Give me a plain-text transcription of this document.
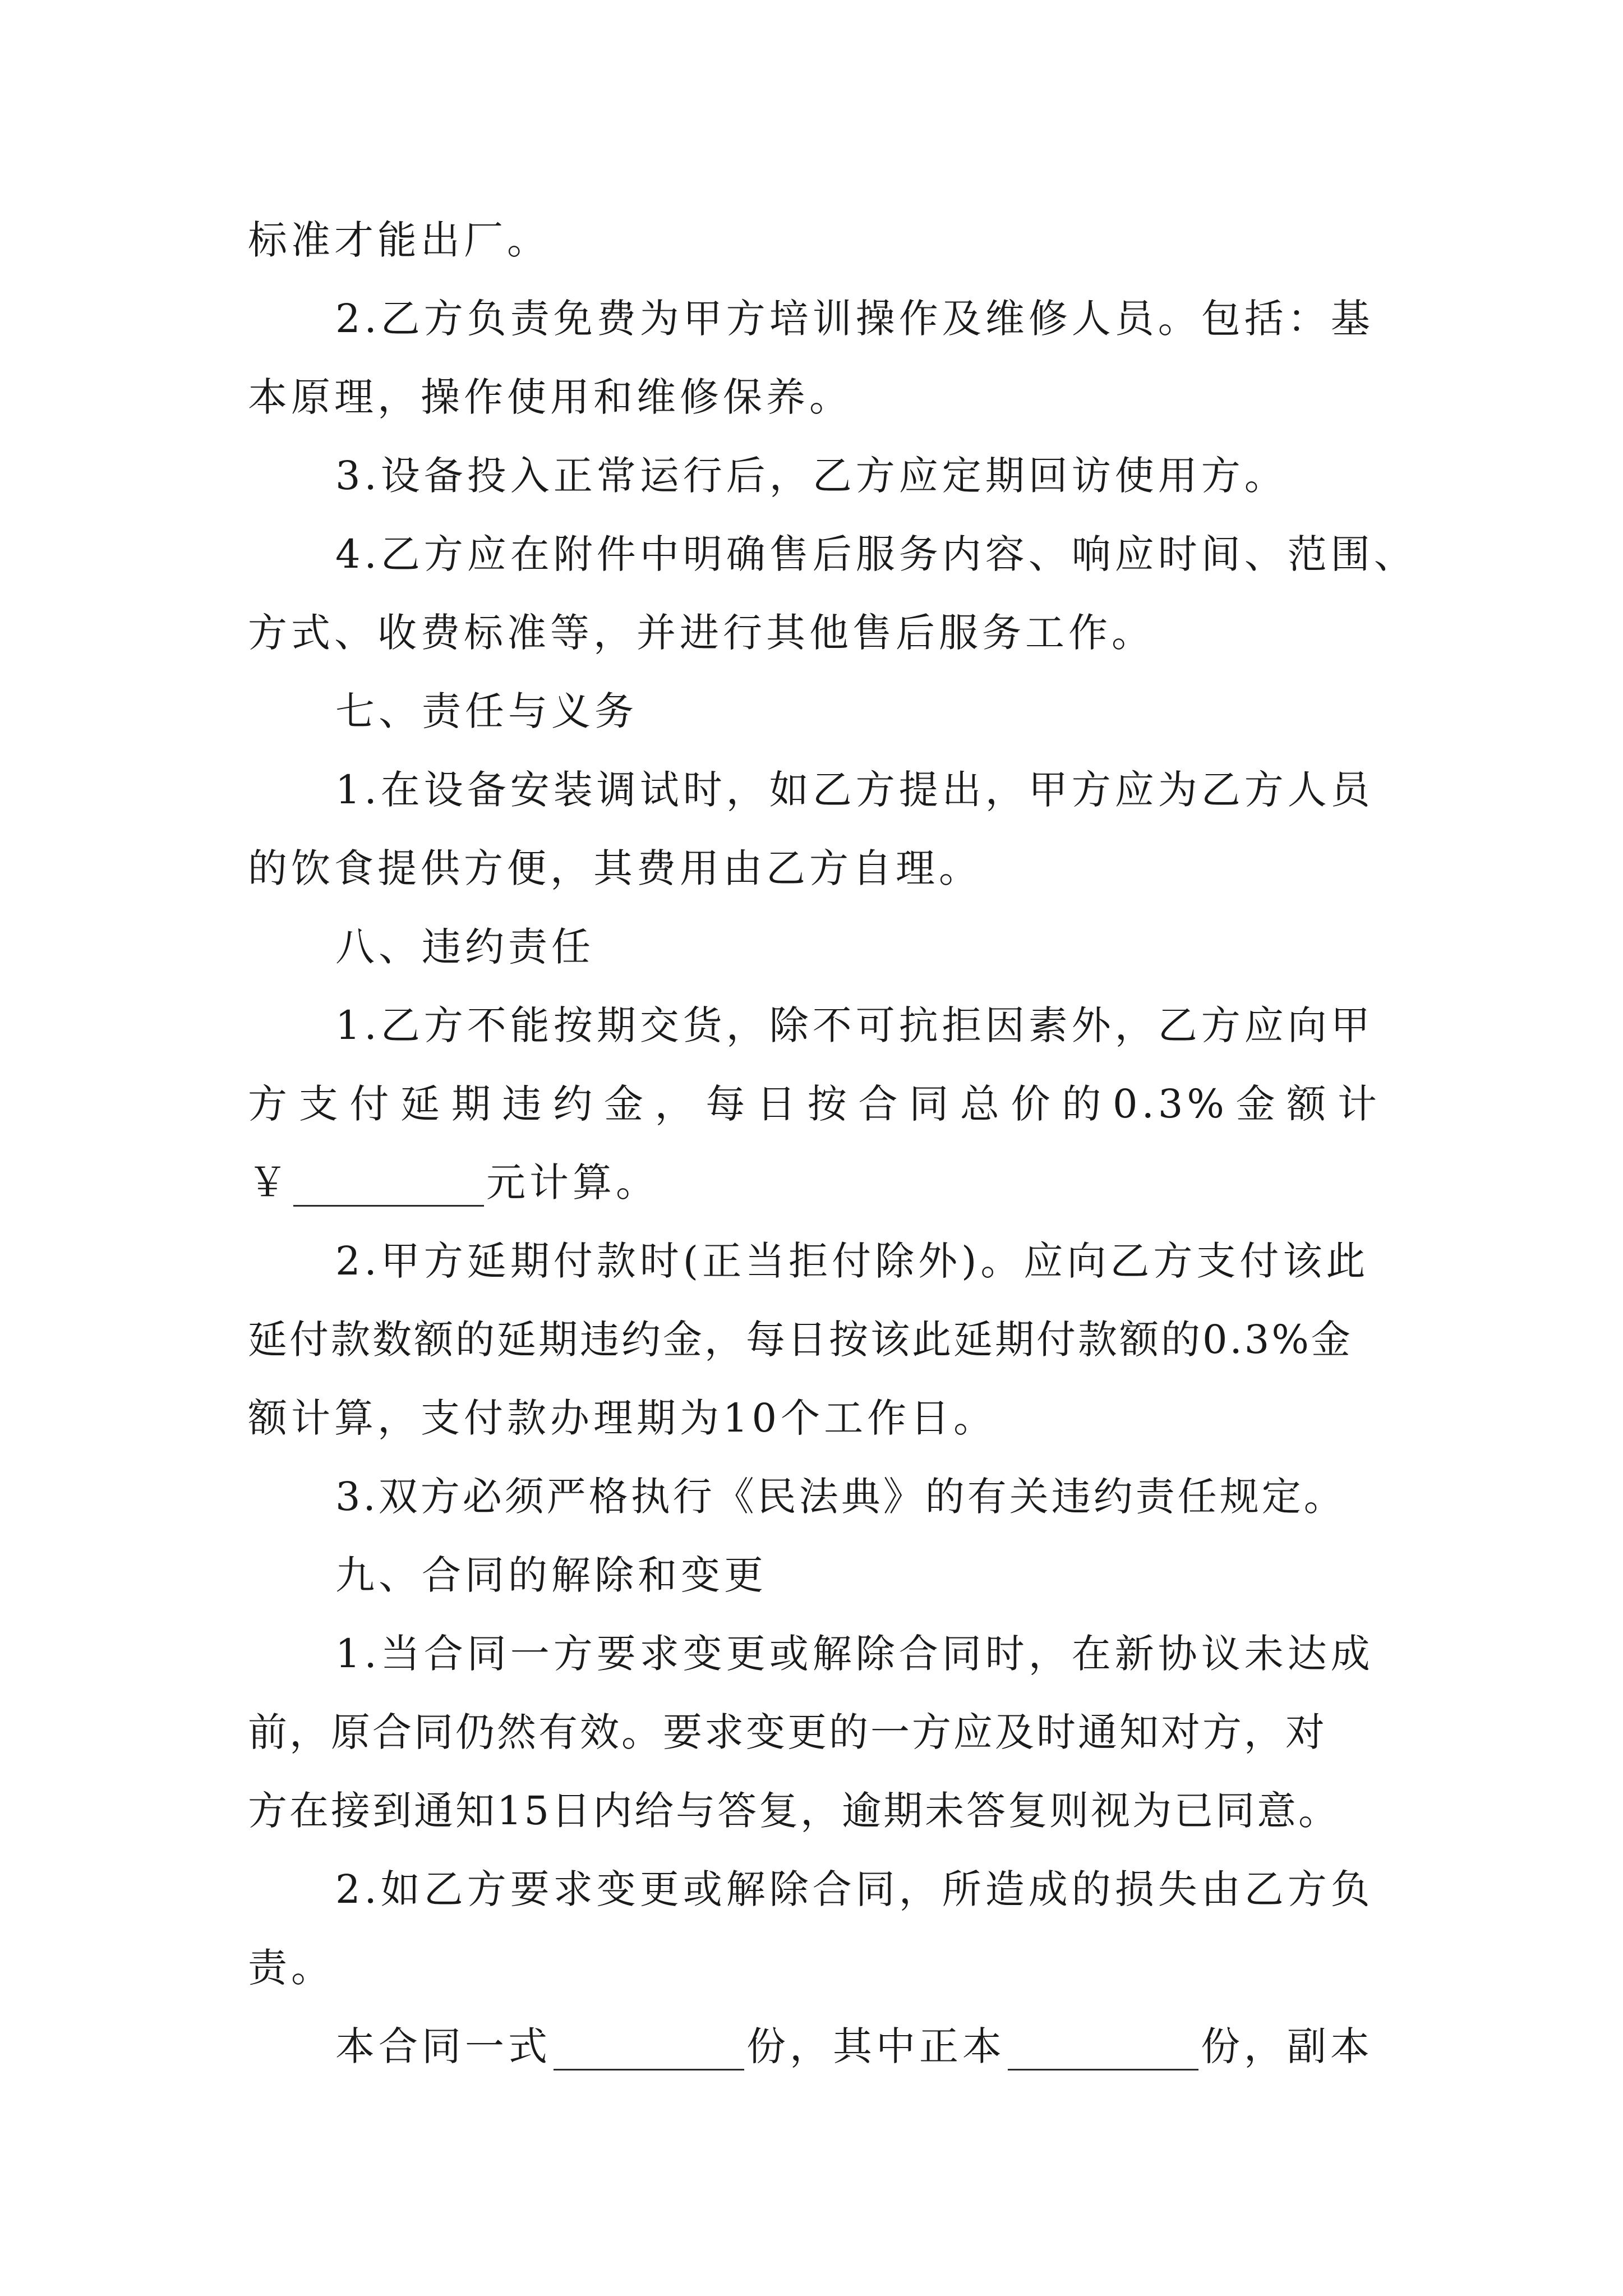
标准才能出厂。
2.乙方负责免费为甲方培训操作及维修人员。包括：基
本原理，操作使用和维修保养。
3.设备投入正常运行后，乙方应定期回访使用方。
4.乙方应在附件中明确售后服务内容、响应时间、范围、
方式、收费标准等，并进行其他售后服务工作。
七、责任与义务
1.在设备安装调试时，如乙方提出，甲方应为乙方人员
的饮食提供方便，其费用由乙方自理。
八、违约责任
1.乙方不能按期交货，除不可抗拒因素外，乙方应向甲
方支付延期违约金，每日按合同总价的0.3%金额计
￥	元计算。
2.甲方延期付款时(正当拒付除外)。应向乙方支付该此
延付款数额的延期违约金，每日按该此延期付款额的0.3%金
额计算，支付款办理期为10个工作日。
3.双方必须严格执行《民法典》的有关违约责任规定。
九、合同的解除和变更
1.当合同一方要求变更或解除合同时，在新协议未达成
前，原合同仍然有效。要求变更的一方应及时通知对方，对
方在接到通知15日内给与答复，逾期未答复则视为已同意。
2.如乙方要求变更或解除合同，所造成的损失由乙方负
责。
本合同一式	份，其中正本	份，副本
